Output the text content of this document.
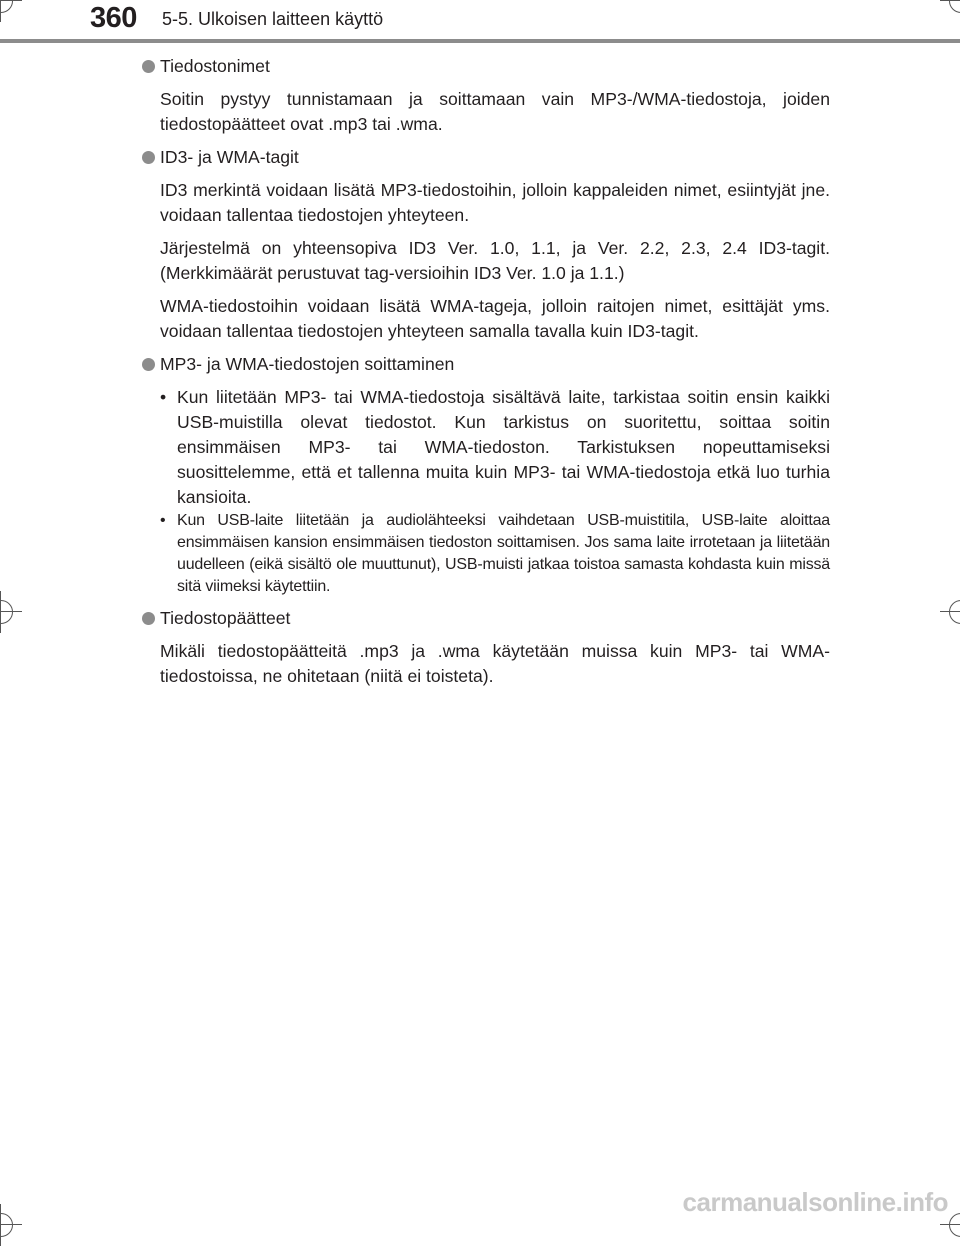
360 5-5. Ulkoisen laitteen käyttö
Tiedostonimet

Soitin pystyy tunnistamaan ja soittamaan vain MP3-/WMA-tiedostoja, joiden tiedostopäätteet ovat .mp3 tai .wma.

ID3- ja WMA-tagit

ID3 merkintä voidaan lisätä MP3-tiedostoihin, jolloin kappaleiden nimet, esiintyjät jne. voidaan tallentaa tiedostojen yhteyteen.

Järjestelmä on yhteensopiva ID3 Ver. 1.0, 1.1, ja Ver. 2.2, 2.3, 2.4 ID3-tagit. (Merkkimäärät perustuvat tag-versioihin ID3 Ver. 1.0 ja 1.1.)

WMA-tiedostoihin voidaan lisätä WMA-tageja, jolloin raitojen nimet, esittäjät yms. voidaan tallentaa tiedostojen yhteyteen samalla tavalla kuin ID3-tagit.

MP3- ja WMA-tiedostojen soittaminen
• Kun liitetään MP3- tai WMA-tiedostoja sisältävä laite, tarkistaa soitin ensin kaikki USB-muistilla olevat tiedostot. Kun tarkistus on suoritettu, soittaa soitin ensimmäisen MP3- tai WMA-tiedoston. Tarkistuksen nopeuttamiseksi suosittelemme, että et tallenna muita kuin MP3- tai WMA-tiedostoja etkä luo turhia kansioita.
• Kun USB-laite liitetään ja audiolähteeksi vaihdetaan USB-muistitila, USB-laite aloittaa ensimmäisen kansion ensimmäisen tiedoston soittamisen. Jos sama laite irrotetaan ja liitetään uudelleen (eikä sisältö ole muuttunut), USB-muisti jatkaa toistoa samasta kohdasta kuin missä sitä viimeksi käytettiin.
Tiedostopäätteet

Mikäli tiedostopäätteitä .mp3 ja .wma käytetään muissa kuin MP3- tai WMA-tiedostoissa, ne ohitetaan (niitä ei toisteta).

carmanualsonline.info
